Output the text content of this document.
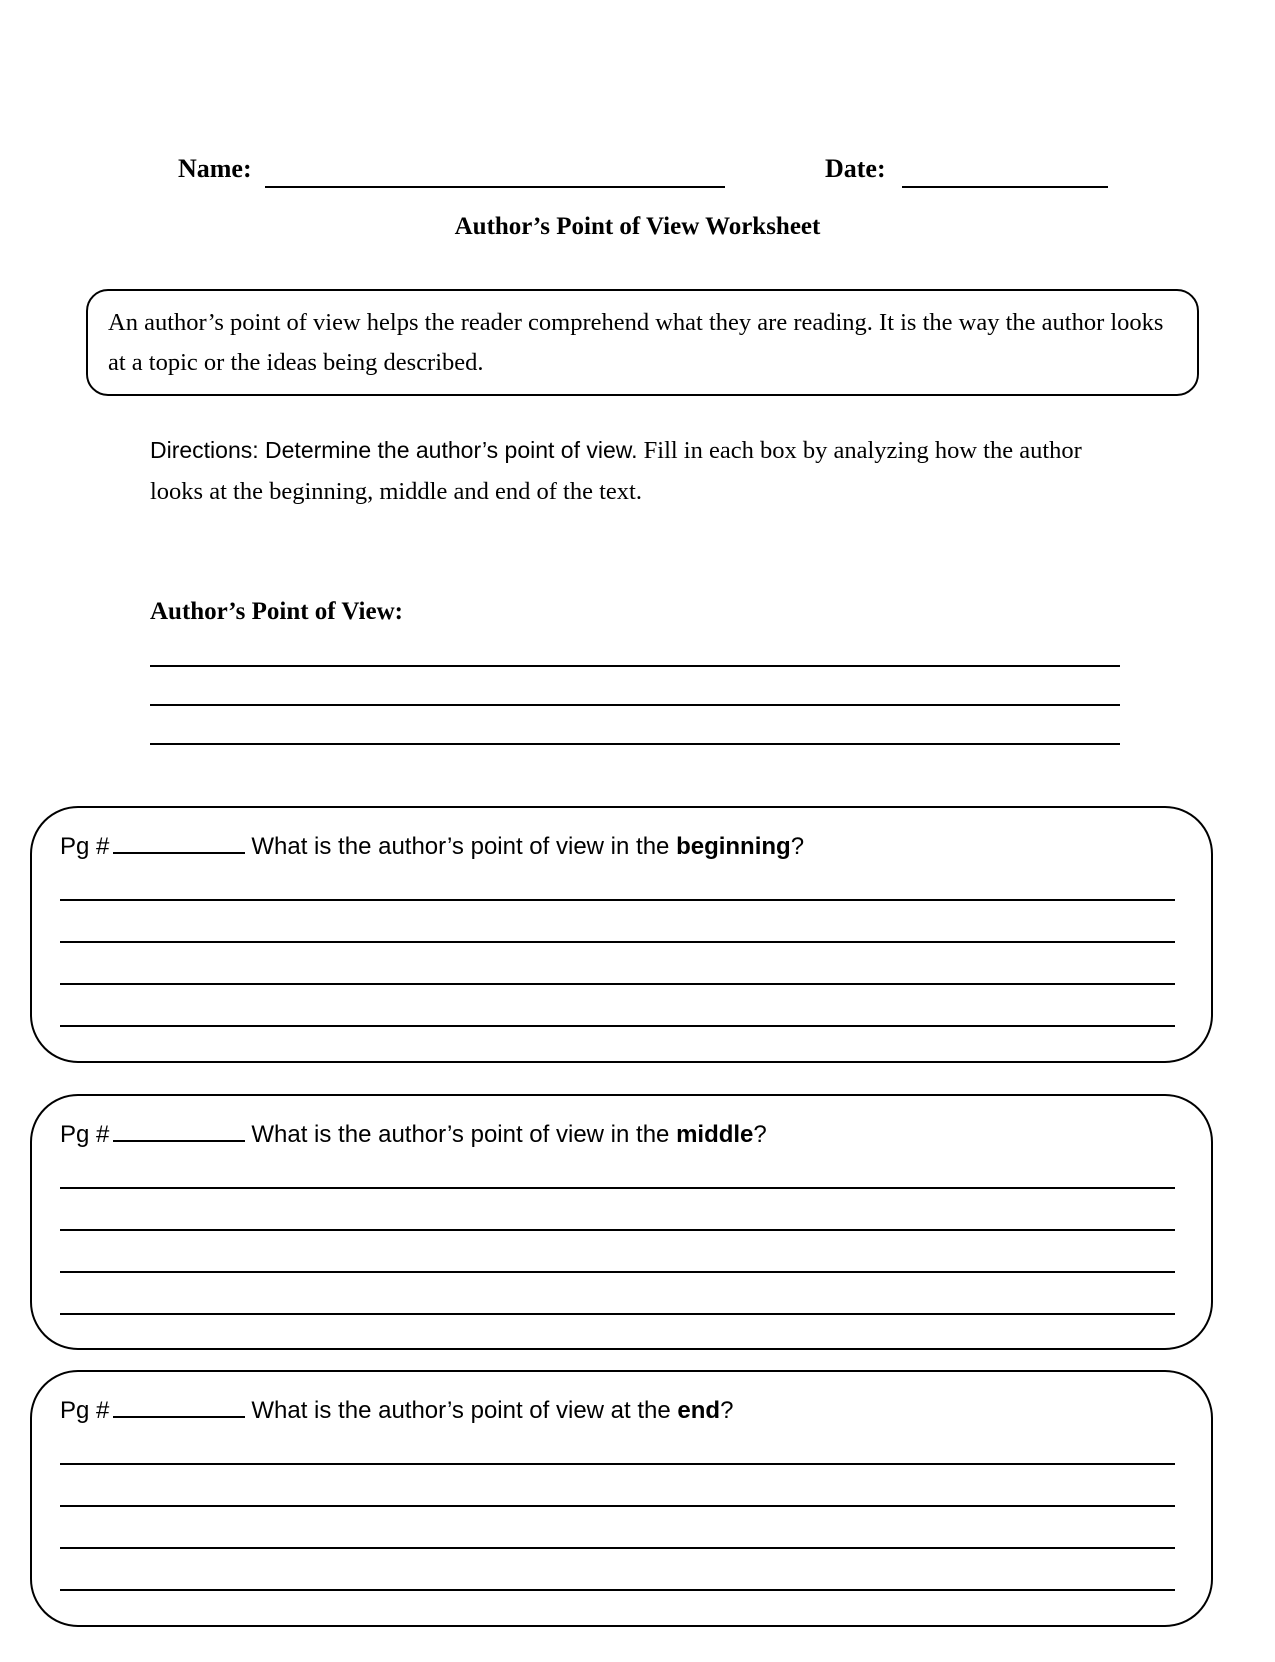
Name:	Date:
Author’s Point of View Worksheet
An author’s point of view helps the reader comprehend what they are reading. It is the way the author looks at a topic or the ideas being described.
Directions: Determine the author’s point of view. Fill in each box by analyzing how the author looks at the beginning, middle and end of the text.
Author’s Point of View:
Pg #	What is the author’s point of view in the beginning?
Pg #	What is the author’s point of view in the middle?
Pg #	What is the author’s point of view at the end?
